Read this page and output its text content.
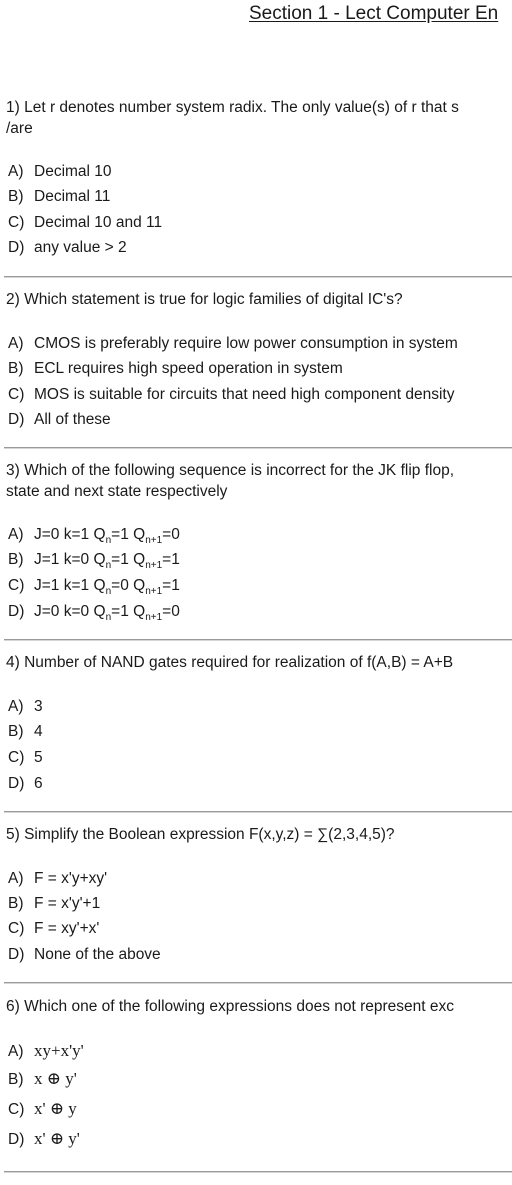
Section 1 - Lect Computer En
1) Let r denotes number system radix. The only value(s) of r that s
/are
A) Decimal 10
B) Decimal 11
C) Decimal 10 and 11
D) any value > 2
2) Which statement is true for logic families of digital IC's?
A) CMOS is preferably require low power consumption in system
B) ECL requires high speed operation in system
C) MOS is suitable for circuits that need high component density
D) All of these
3) Which of the following sequence is incorrect for the JK flip flop,
state and next state respectively
A) J=0 k=1 $Q_n=1$ $Q_{n+1}=0$
B) J=1 k=0 $Q_n=1$ $Q_{n+1}=1$
C) J=1 k=1 $Q_n=0$ $Q_{n+1}=1$
D) J=0 k=0 $Q_n=1$ $Q_{n+1}=0$
4) Number of NAND gates required for realization of f(A,B) = A+B
A) 3
B) 4
C) 5
D) 6
5) Simplify the Boolean expression F(x,y,z) = ∑(2,3,4,5)?
A) F = x'y+xy'
B) F = x'y'+1
C) F = xy'+x'
D) None of the above
6) Which one of the following expressions does not represent exc
A) xy+x'y'
B) x ⊕ y'
C) x' ⊕ y
D) x' ⊕ y'
